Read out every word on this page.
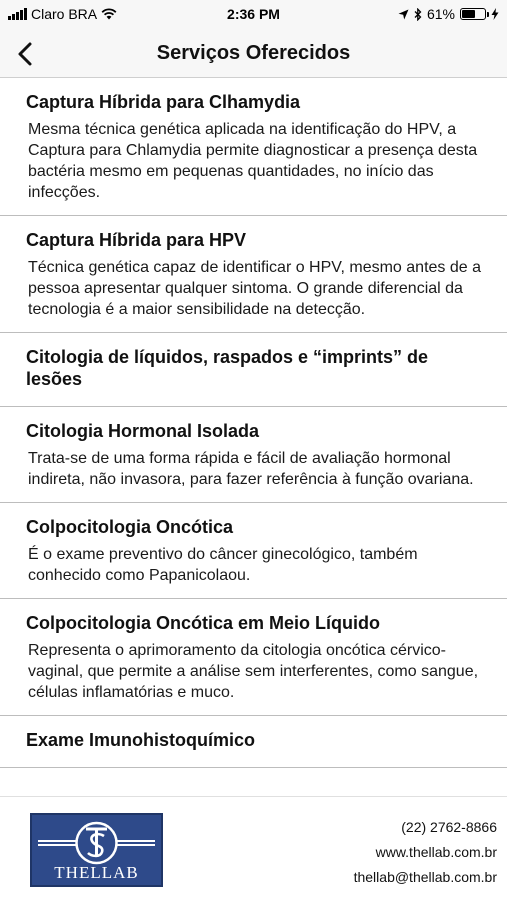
Claro BRA	2:36 PM	61%
Serviços Oferecidos
Captura Híbrida para Clhamydia
Mesma técnica genética aplicada na identificação do HPV, a Captura para Chlamydia permite diagnosticar a presença desta bactéria mesmo em pequenas quantidades, no início das infecções.
Captura Híbrida para HPV
Técnica genética capaz de identificar o HPV, mesmo antes de a pessoa apresentar qualquer sintoma. O grande diferencial da tecnologia é a maior sensibilidade na detecção.
Citologia de líquidos, raspados e “imprints” de lesões
Citologia Hormonal Isolada
Trata-se de uma forma rápida e fácil de avaliação hormonal indireta, não invasora, para fazer referência à função ovariana.
Colpocitologia Oncótica
É o exame preventivo do câncer ginecológico, também conhecido como Papanicolaou.
Colpocitologia Oncótica em Meio Líquido
Representa o aprimoramento da citologia oncótica cérvico-vaginal, que permite a análise sem interferentes, como sangue, células inflamatórias e muco.
Exame Imunohistoquímico
THELLAB
(22) 2762-8866
www.thellab.com.br
thellab@thellab.com.br
